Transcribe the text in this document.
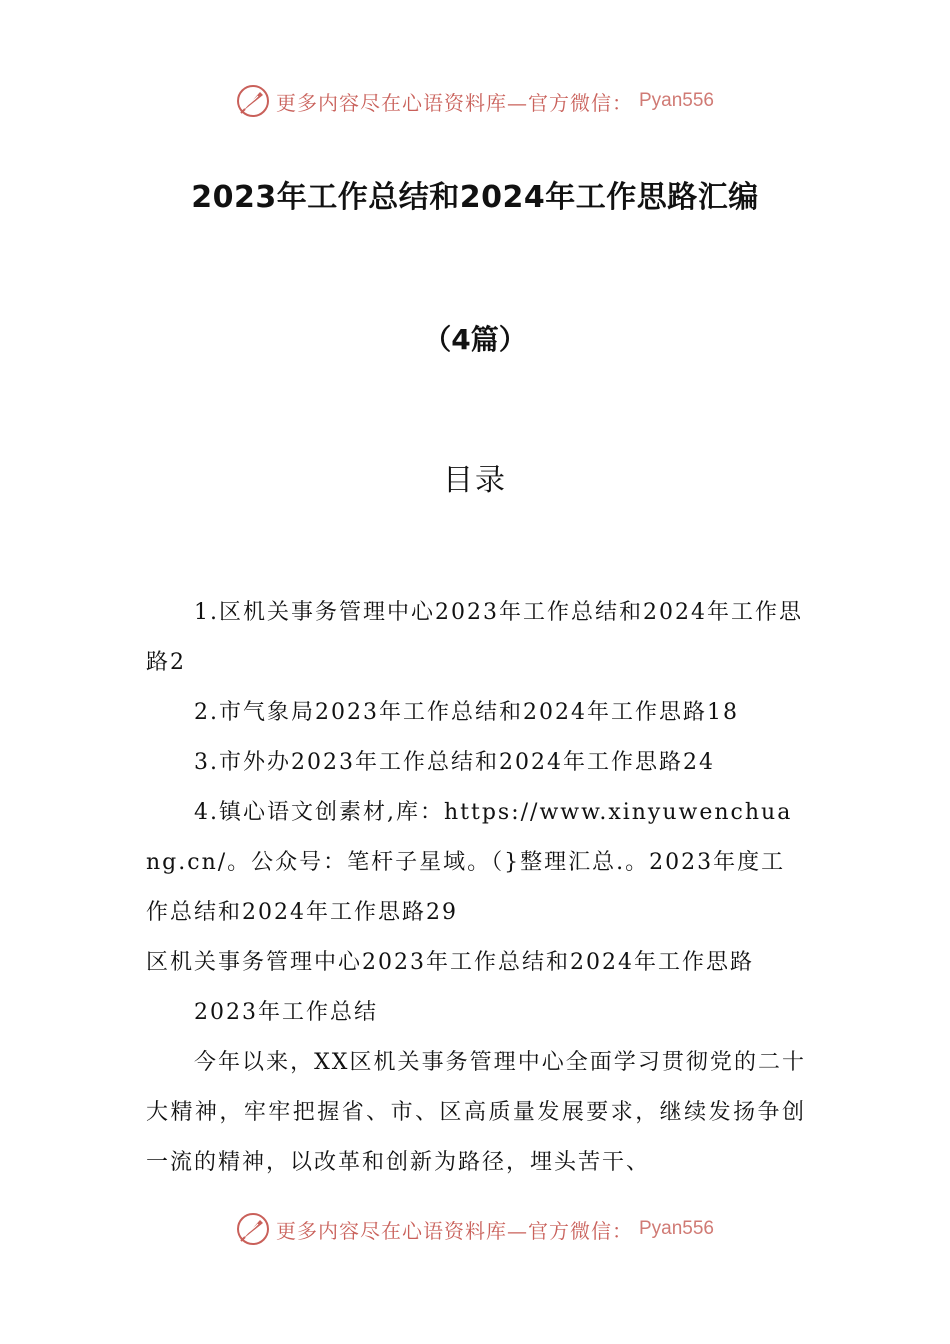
更多内容尽在心语资料库—官方微信： Pyan556
2023年工作总结和2024年工作思路汇编
（4篇）
目录

1.区机关事务管理中心2023年工作总结和2024年工作思路2

2.市气象局2023年工作总结和2024年工作思路18

3.市外办2023年工作总结和2024年工作思路24

4.镇心语文创素材,库：https://www.xinyuwenchuang.cn/。公众号：笔杆子星域。（}整理汇总.。2023年度工作总结和2024年工作思路29

区机关事务管理中心2023年工作总结和2024年工作思路

2023年工作总结

今年以来，XX区机关事务管理中心全面学习贯彻党的二十大精神，牢牢把握省、市、区高质量发展要求，继续发扬争创一流的精神，以改革和创新为路径，埋头苦干、

更多内容尽在心语资料库—官方微信： Pyan556
